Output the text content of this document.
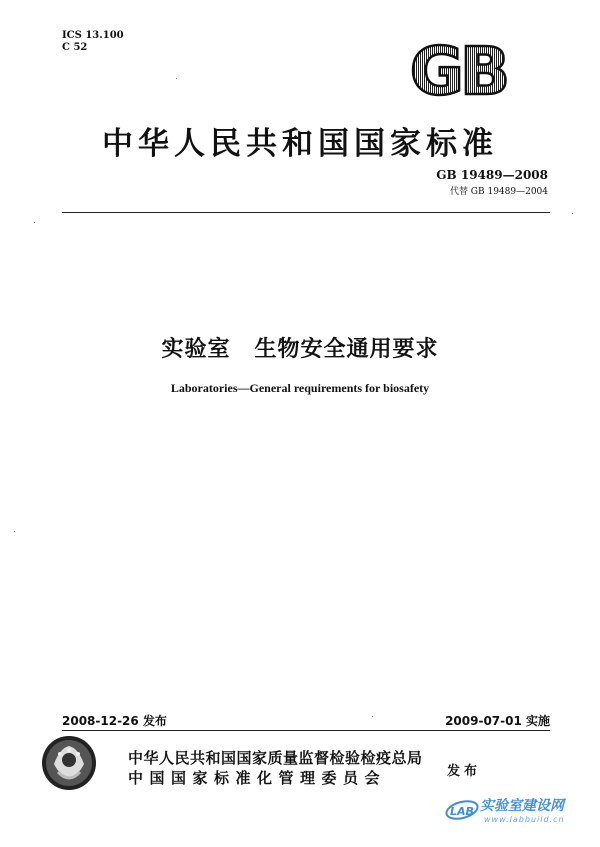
ICS 13.100
C 52	GB
中华人民共和国国家标准
GB 19489—2008
代替 GB 19489—2004
实验室 生物安全通用要求
Laboratories—General requirements for biosafety
2008-12-26 发布	2009-07-01 实施
中华人民共和国国家质量监督检验检疫总局
中国国家标准化管理委员会	发布
LAB 实验室建设网
www.labbuild.cn
